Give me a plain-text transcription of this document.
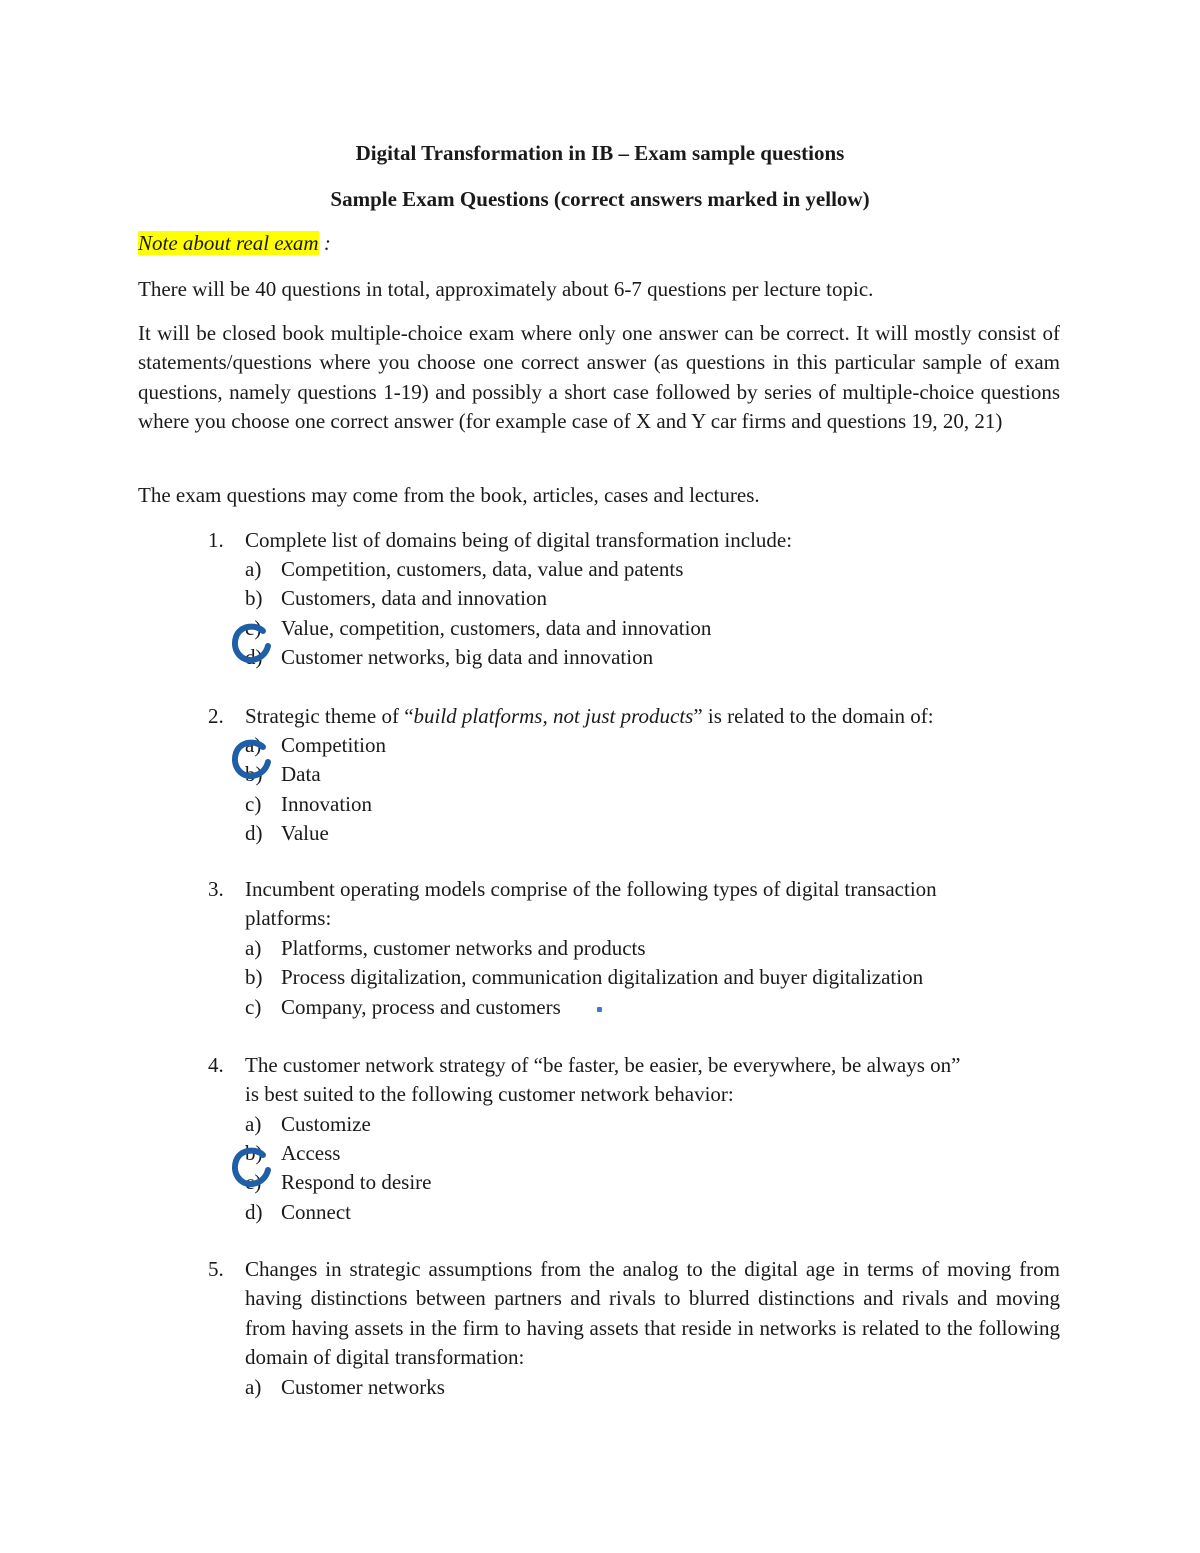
Digital Transformation in IB – Exam sample questions
Sample Exam Questions (correct answers marked in yellow)
Note about real exam :

There will be 40 questions in total, approximately about 6-7 questions per lecture topic.

It will be closed book multiple-choice exam where only one answer can be correct. It will mostly consist of statements/questions where you choose one correct answer (as questions in this particular sample of exam questions, namely questions 1-19) and possibly a short case followed by series of multiple-choice questions where you choose one correct answer (for example case of X and Y car firms and questions 19, 20, 21)

The exam questions may come from the book, articles, cases and lectures.

1. Complete list of domains being of digital transformation include:
a) Competition, customers, data, value and patents
b) Customers, data and innovation
c) Value, competition, customers, data and innovation
d) Customer networks, big data and innovation
2. Strategic theme of “build platforms, not just products” is related to the domain of:
a) Competition
b) Data
c) Innovation
d) Value
3. Incumbent operating models comprise of the following types of digital transaction
platforms:
a) Platforms, customer networks and products
b) Process digitalization, communication digitalization and buyer digitalization
c) Company, process and customers
4. The customer network strategy of “be faster, be easier, be everywhere, be always on”
is best suited to the following customer network behavior:
a) Customize
b) Access
c) Respond to desire
d) Connect
5. Changes in strategic assumptions from the analog to the digital age in terms of moving from having distinctions between partners and rivals to blurred distinctions and rivals and moving from having assets in the firm to having assets that reside in networks is related to the following domain of digital transformation:
a) Customer networks
